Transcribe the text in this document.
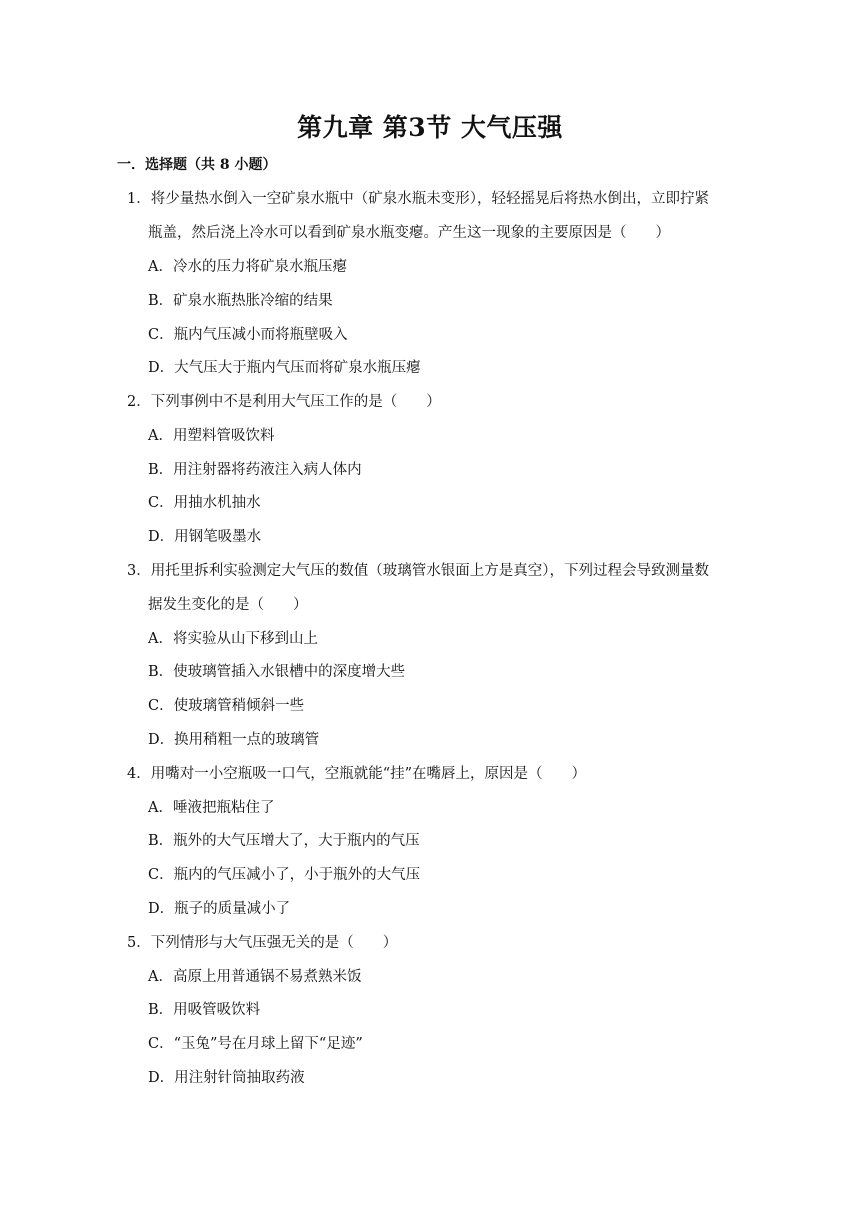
第九章 第3节 大气压强
一．选择题（共 8 小题）
1．将少量热水倒入一空矿泉水瓶中（矿泉水瓶未变形），轻轻摇晃后将热水倒出，立即拧紧
瓶盖，然后浇上冷水可以看到矿泉水瓶变瘪。产生这一现象的主要原因是（　　）
A．冷水的压力将矿泉水瓶压瘪
B．矿泉水瓶热胀冷缩的结果
C．瓶内气压减小而将瓶壁吸入
D．大气压大于瓶内气压而将矿泉水瓶压瘪
2．下列事例中不是利用大气压工作的是（　　）
A．用塑料管吸饮料
B．用注射器将药液注入病人体内
C．用抽水机抽水
D．用钢笔吸墨水
3．用托里拆利实验测定大气压的数值（玻璃管水银面上方是真空），下列过程会导致测量数
据发生变化的是（　　）
A．将实验从山下移到山上
B．使玻璃管插入水银槽中的深度增大些
C．使玻璃管稍倾斜一些
D．换用稍粗一点的玻璃管
4．用嘴对一小空瓶吸一口气，空瓶就能“挂”在嘴唇上，原因是（　　）
A．唾液把瓶粘住了
B．瓶外的大气压增大了，大于瓶内的气压
C．瓶内的气压减小了，小于瓶外的大气压
D．瓶子的质量减小了
5．下列情形与大气压强无关的是（　　）
A．高原上用普通锅不易煮熟米饭
B．用吸管吸饮料
C．“玉兔”号在月球上留下“足迹”
D．用注射针筒抽取药液
